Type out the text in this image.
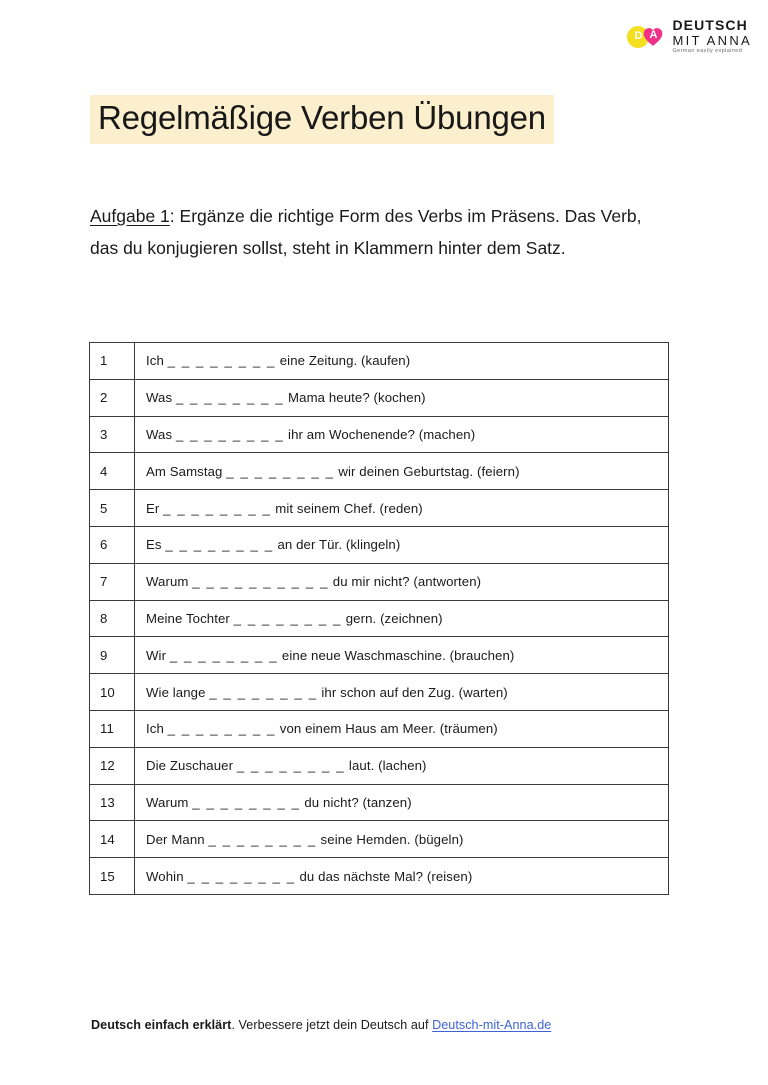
D A
DEUTSCH
MIT ANNA
German easily explained
Regelmäßige Verben Übungen

Aufgabe 1: Ergänze die richtige Form des Verbs im Präsens. Das Verb, das du konjugieren sollst, steht in Klammern hinter dem Satz.

1	Ich _ _ _ _ _ _ _ _ eine Zeitung. (kaufen)
2	Was _ _ _ _ _ _ _ _ Mama heute? (kochen)
3	Was _ _ _ _ _ _ _ _ ihr am Wochenende? (machen)
4	Am Samstag _ _ _ _ _ _ _ _ wir deinen Geburtstag. (feiern)
5	Er _ _ _ _ _ _ _ _ mit seinem Chef. (reden)
6	Es _ _ _ _ _ _ _ _ an der Tür. (klingeln)
7	Warum _ _ _ _ _ _ _ _ _ _ du mir nicht? (antworten)
8	Meine Tochter _ _ _ _ _ _ _ _ gern. (zeichnen)
9	Wir _ _ _ _ _ _ _ _ eine neue Waschmaschine. (brauchen)
10	Wie lange _ _ _ _ _ _ _ _ ihr schon auf den Zug. (warten)
11	Ich _ _ _ _ _ _ _ _ von einem Haus am Meer. (träumen)
12	Die Zuschauer _ _ _ _ _ _ _ _ laut. (lachen)
13	Warum _ _ _ _ _ _ _ _ du nicht? (tanzen)
14	Der Mann _ _ _ _ _ _ _ _ seine Hemden. (bügeln)
15	Wohin _ _ _ _ _ _ _ _ du das nächste Mal? (reisen)
Deutsch einfach erklärt. Verbessere jetzt dein Deutsch auf Deutsch-mit-Anna.de
